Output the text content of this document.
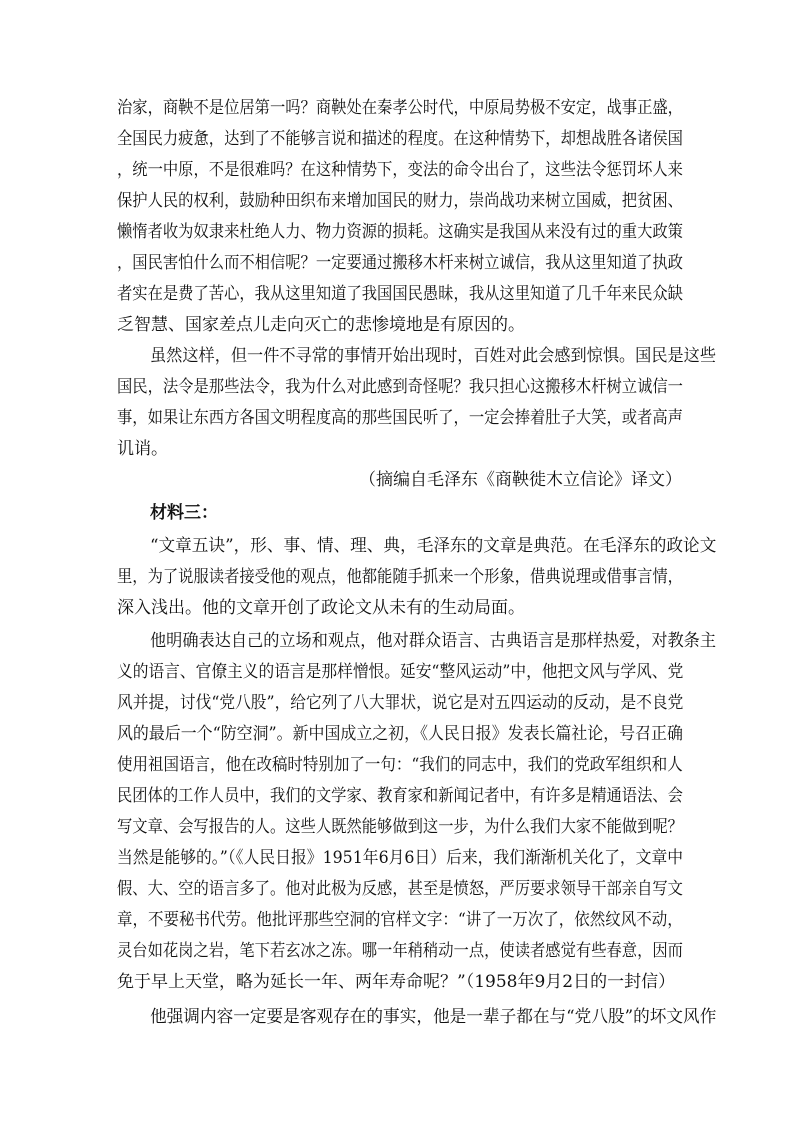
治家，商鞅不是位居第一吗？商鞅处在秦孝公时代，中原局势极不安定，战事正盛，
全国民力疲惫，达到了不能够言说和描述的程度。在这种情势下，却想战胜各诸侯国
，统一中原，不是很难吗？在这种情势下，变法的命令出台了，这些法令惩罚坏人来
保护人民的权利，鼓励种田织布来增加国民的财力，崇尚战功来树立国威，把贫困、
懒惰者收为奴隶来杜绝人力、物力资源的损耗。这确实是我国从来没有过的重大政策
，国民害怕什么而不相信呢？一定要通过搬移木杆来树立诚信，我从这里知道了执政
者实在是费了苦心，我从这里知道了我国国民愚昧，我从这里知道了几千年来民众缺
乏智慧、国家差点儿走向灭亡的悲惨境地是有原因的。
虽然这样，但一件不寻常的事情开始出现时，百姓对此会感到惊惧。国民是这些
国民，法令是那些法令，我为什么对此感到奇怪呢？我只担心这搬移木杆树立诚信一
事，如果让东西方各国文明程度高的那些国民听了，一定会捧着肚子大笑，或者高声
讥诮。
（摘编自毛泽东《商鞅徙木立信论》译文）
材料三：
“文章五诀”，形、事、情、理、典，毛泽东的文章是典范。在毛泽东的政论文
里，为了说服读者接受他的观点，他都能随手抓来一个形象，借典说理或借事言情，
深入浅出。他的文章开创了政论文从未有的生动局面。
他明确表达自己的立场和观点，他对群众语言、古典语言是那样热爱，对教条主
义的语言、官僚主义的语言是那样憎恨。延安“整风运动”中，他把文风与学风、党
风并提，讨伐“党八股”，给它列了八大罪状，说它是对五四运动的反动，是不良党
风的最后一个“防空洞”。新中国成立之初，《人民日报》发表长篇社论，号召正确
使用祖国语言，他在改稿时特别加了一句：“我们的同志中，我们的党政军组织和人
民团体的工作人员中，我们的文学家、教育家和新闻记者中，有许多是精通语法、会
写文章、会写报告的人。这些人既然能够做到这一步，为什么我们大家不能做到呢？
当然是能够的。”（《人民日报》1951年6月6日）后来，我们渐渐机关化了，文章中
假、大、空的语言多了。他对此极为反感，甚至是愤怒，严厉要求领导干部亲自写文
章，不要秘书代劳。他批评那些空洞的官样文字：“讲了一万次了，依然纹风不动，
灵台如花岗之岩，笔下若玄冰之冻。哪一年稍稍动一点，使读者感觉有些春意，因而
免于早上天堂，略为延长一年、两年寿命呢？”（1958年9月2日的一封信）
他强调内容一定要是客观存在的事实，他是一辈子都在与“党八股”的坏文风作
